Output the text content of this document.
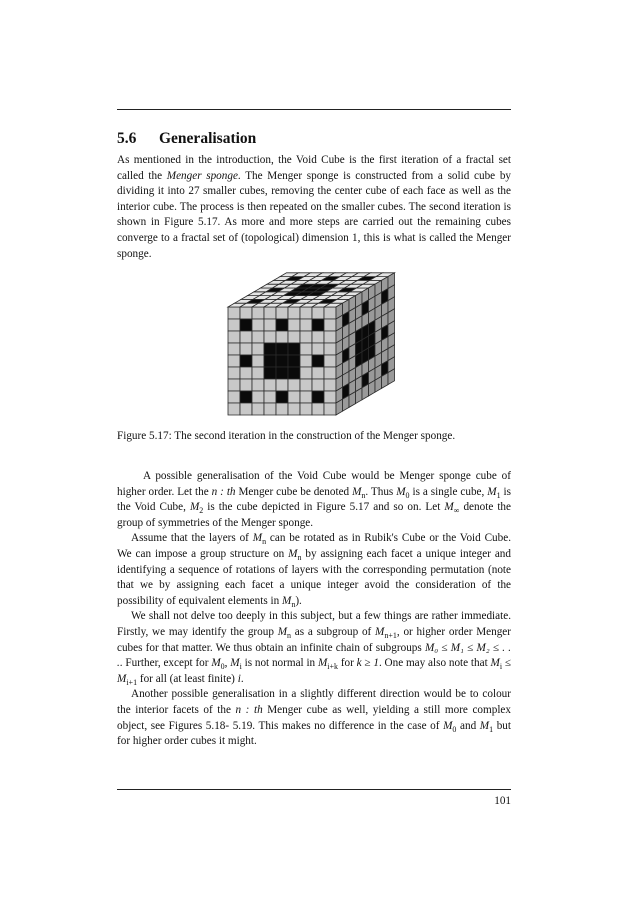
5.6 Generalisation
As mentioned in the introduction, the Void Cube is the first iteration of a fractal set called the Menger sponge. The Menger sponge is constructed from a solid cube by dividing it into 27 smaller cubes, removing the center cube of each face as well as the interior cube. The process is then repeated on the smaller cubes. The second iteration is shown in Figure 5.17. As more and more steps are carried out the remaining cubes converge to a fractal set of (topological) dimension 1, this is what is called the Menger sponge.
Figure 5.17: The second iteration in the construction of the Menger sponge.

A possible generalisation of the Void Cube would be Menger sponge cube of higher order. Let the n : th Menger cube be denoted $M_n$. Thus $M_0$ is a single cube, $M_1$ is the Void Cube, $M_2$ is the cube depicted in Figure 5.17 and so on. Let $M_\infty$ denote the group of symmetries of the Menger sponge.

Assume that the layers of $M_n$ can be rotated as in Rubik's Cube or the Void Cube. We can impose a group structure on $M_n$ by assigning each facet a unique integer and identifying a sequence of rotations of layers with the corresponding permutation (note that we by assigning each facet a unique integer avoid the consideration of the possibility of equivalent elements in $M_n$).

We shall not delve too deeply in this subject, but a few things are rather immediate. Firstly, we may identify the group $M_n$ as a subgroup of $M_{n+1}$, or higher order Menger cubes for that matter. We thus obtain an infinite chain of subgroups M₀ ≤ M₁ ≤ M₂ ≤ . . .. Further, except for $M_0$, $M_i$ is not normal in $M_{i+k}$ for k ≥ 1. One may also note that $M_i \le M_{i+1}$ for all (at least finite) i.

Another possible generalisation in a slightly different direction would be to colour the interior facets of the n : th Menger cube as well, yielding a still more complex object, see Figures 5.18- 5.19. This makes no difference in the case of $M_0$ and $M_1$ but for higher order cubes it might.

101
